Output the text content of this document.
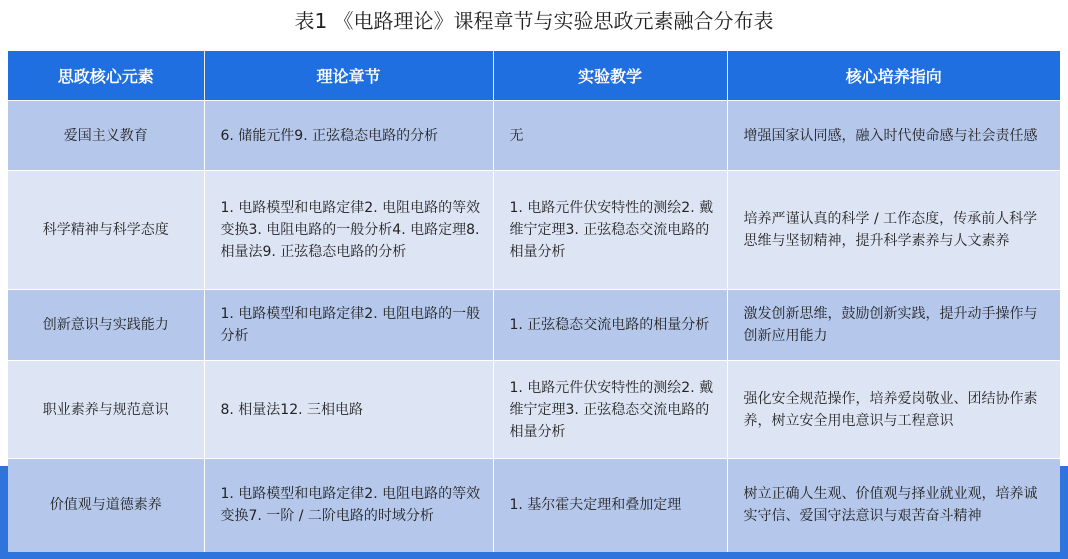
表1 《电路理论》课程章节与实验思政元素融合分布表
思政核心元素	理论章节	实验教学	核心培养指向
爱国主义教育	6. 储能元件9. 正弦稳态电路的分析	无	增强国家认同感，融入时代使命感与社会责任感
科学精神与科学态度	1. 电路模型和电路定律2. 电阻电路的等效变换3. 电阻电路的一般分析4. 电路定理8. 相量法9. 正弦稳态电路的分析	1. 电路元件伏安特性的测绘2. 戴维宁定理3. 正弦稳态交流电路的相量分析	培养严谨认真的科学 / 工作态度，传承前人科学思维与坚韧精神，提升科学素养与人文素养
创新意识与实践能力	1. 电路模型和电路定律2. 电阻电路的一般分析	1. 正弦稳态交流电路的相量分析	激发创新思维，鼓励创新实践，提升动手操作与创新应用能力
职业素养与规范意识	8. 相量法12. 三相电路	1. 电路元件伏安特性的测绘2. 戴维宁定理3. 正弦稳态交流电路的相量分析	强化安全规范操作，培养爱岗敬业、团结协作素养，树立安全用电意识与工程意识
价值观与道德素养	1. 电路模型和电路定律2. 电阻电路的等效变换7. 一阶 / 二阶电路的时域分析	1. 基尔霍夫定理和叠加定理	树立正确人生观、价值观与择业就业观，培养诚实守信、爱国守法意识与艰苦奋斗精神
